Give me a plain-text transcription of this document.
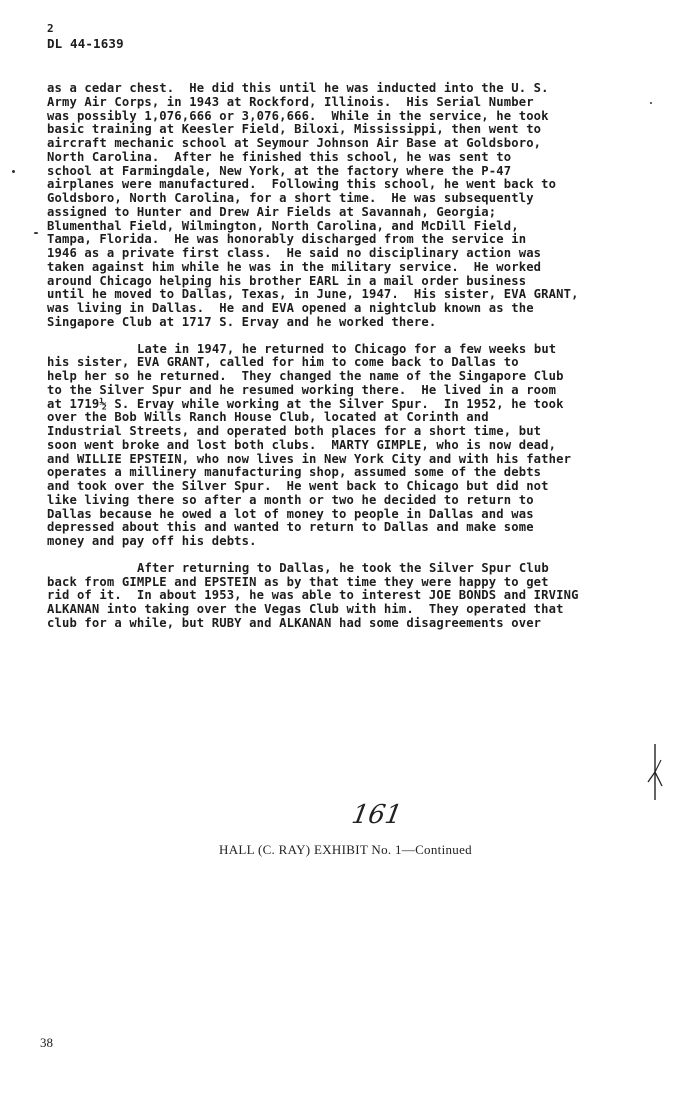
2
DL 44-1639
as a cedar chest.  He did this until he was inducted into the U. S.
Army Air Corps, in 1943 at Rockford, Illinois.  His Serial Number
was possibly 1,076,666 or 3,076,666.  While in the service, he took
basic training at Keesler Field, Biloxi, Mississippi, then went to
aircraft mechanic school at Seymour Johnson Air Base at Goldsboro,
North Carolina.  After he finished this school, he was sent to
school at Farmingdale, New York, at the factory where the P-47
airplanes were manufactured.  Following this school, he went back to
Goldsboro, North Carolina, for a short time.  He was subsequently
assigned to Hunter and Drew Air Fields at Savannah, Georgia;
Blumenthal Field, Wilmington, North Carolina, and McDill Field,
Tampa, Florida.  He was honorably discharged from the service in
1946 as a private first class.  He said no disciplinary action was
taken against him while he was in the military service.  He worked
around Chicago helping his brother EARL in a mail order business
until he moved to Dallas, Texas, in June, 1947.  His sister, EVA GRANT,
was living in Dallas.  He and EVA opened a nightclub known as the
Singapore Club at 1717 S. Ervay and he worked there.
Late in 1947, he returned to Chicago for a few weeks but
his sister, EVA GRANT, called for him to come back to Dallas to
help her so he returned.  They changed the name of the Singapore Club
to the Silver Spur and he resumed working there.  He lived in a room
at 1719½ S. Ervay while working at the Silver Spur.  In 1952, he took
over the Bob Wills Ranch House Club, located at Corinth and
Industrial Streets, and operated both places for a short time, but
soon went broke and lost both clubs.  MARTY GIMPLE, who is now dead,
and WILLIE EPSTEIN, who now lives in New York City and with his father
operates a millinery manufacturing shop, assumed some of the debts
and took over the Silver Spur.  He went back to Chicago but did not
like living there so after a month or two he decided to return to
Dallas because he owed a lot of money to people in Dallas and was
depressed about this and wanted to return to Dallas and make some
money and pay off his debts.
After returning to Dallas, he took the Silver Spur Club
back from GIMPLE and EPSTEIN as by that time they were happy to get
rid of it.  In about 1953, he was able to interest JOE BONDS and IRVING
ALKANAN into taking over the Vegas Club with him.  They operated that
club for a while, but RUBY and ALKANAN had some disagreements over
161
HALL (C. RAY) EXHIBIT No. 1—Continued
38
